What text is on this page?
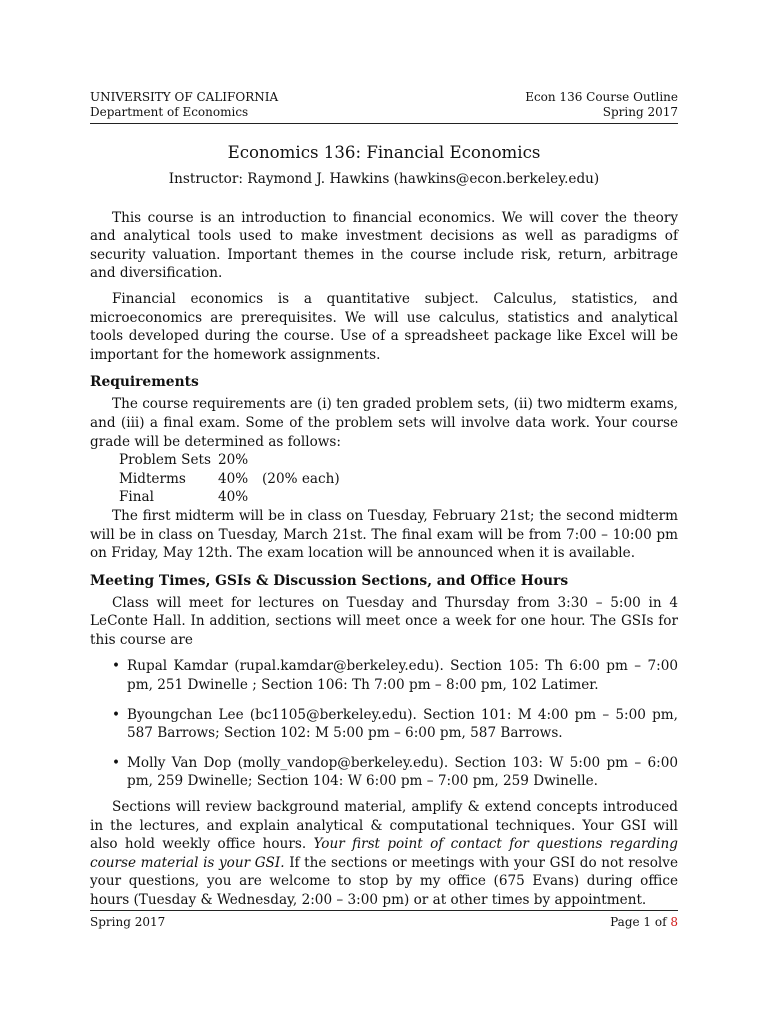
UNIVERSITY OF CALIFORNIA
Department of Economics
Econ 136 Course Outline
Spring 2017
Economics 136: Financial Economics
Instructor: Raymond J. Hawkins (hawkins@econ.berkeley.edu)

This course is an introduction to financial economics. We will cover the theory and analytical tools used to make investment decisions as well as paradigms of security valuation. Important themes in the course include risk, return, arbitrage and diversification.

Financial economics is a quantitative subject. Calculus, statistics, and microeconomics are prerequisites. We will use calculus, statistics and analytical tools developed during the course. Use of a spreadsheet package like Excel will be important for the homework assignments.

Requirements

The course requirements are (i) ten graded problem sets, (ii) two midterm exams, and (iii) a final exam. Some of the problem sets will involve data work. Your course grade will be determined as follows:

Problem Sets	20%	
Midterms	40%	(20% each)
Final	40%	

The first midterm will be in class on Tuesday, February 21st; the second midterm will be in class on Tuesday, March 21st. The final exam will be from 7:00 – 10:00 pm on Friday, May 12th. The exam location will be announced when it is available.

Meeting Times, GSIs & Discussion Sections, and Office Hours

Class will meet for lectures on Tuesday and Thursday from 3:30 – 5:00 in 4 LeConte Hall. In addition, sections will meet once a week for one hour. The GSIs for this course are

• Rupal Kamdar (rupal.kamdar@berkeley.edu). Section 105: Th 6:00 pm – 7:00 pm, 251 Dwinelle ; Section 106: Th 7:00 pm – 8:00 pm, 102 Latimer.
• Byoungchan Lee (bc1105@berkeley.edu). Section 101: M 4:00 pm – 5:00 pm, 587 Barrows; Section 102: M 5:00 pm – 6:00 pm, 587 Barrows.
• Molly Van Dop (molly_vandop@berkeley.edu). Section 103: W 5:00 pm – 6:00 pm, 259 Dwinelle; Section 104: W 6:00 pm – 7:00 pm, 259 Dwinelle.

Sections will review background material, amplify & extend concepts introduced in the lectures, and explain analytical & computational techniques. Your GSI will also hold weekly office hours. Your first point of contact for questions regarding course material is your GSI. If the sections or meetings with your GSI do not resolve your questions, you are welcome to stop by my office (675 Evans) during office hours (Tuesday & Wednesday, 2:00 – 3:00 pm) or at other times by appointment.

Spring 2017	Page 1 of 8
